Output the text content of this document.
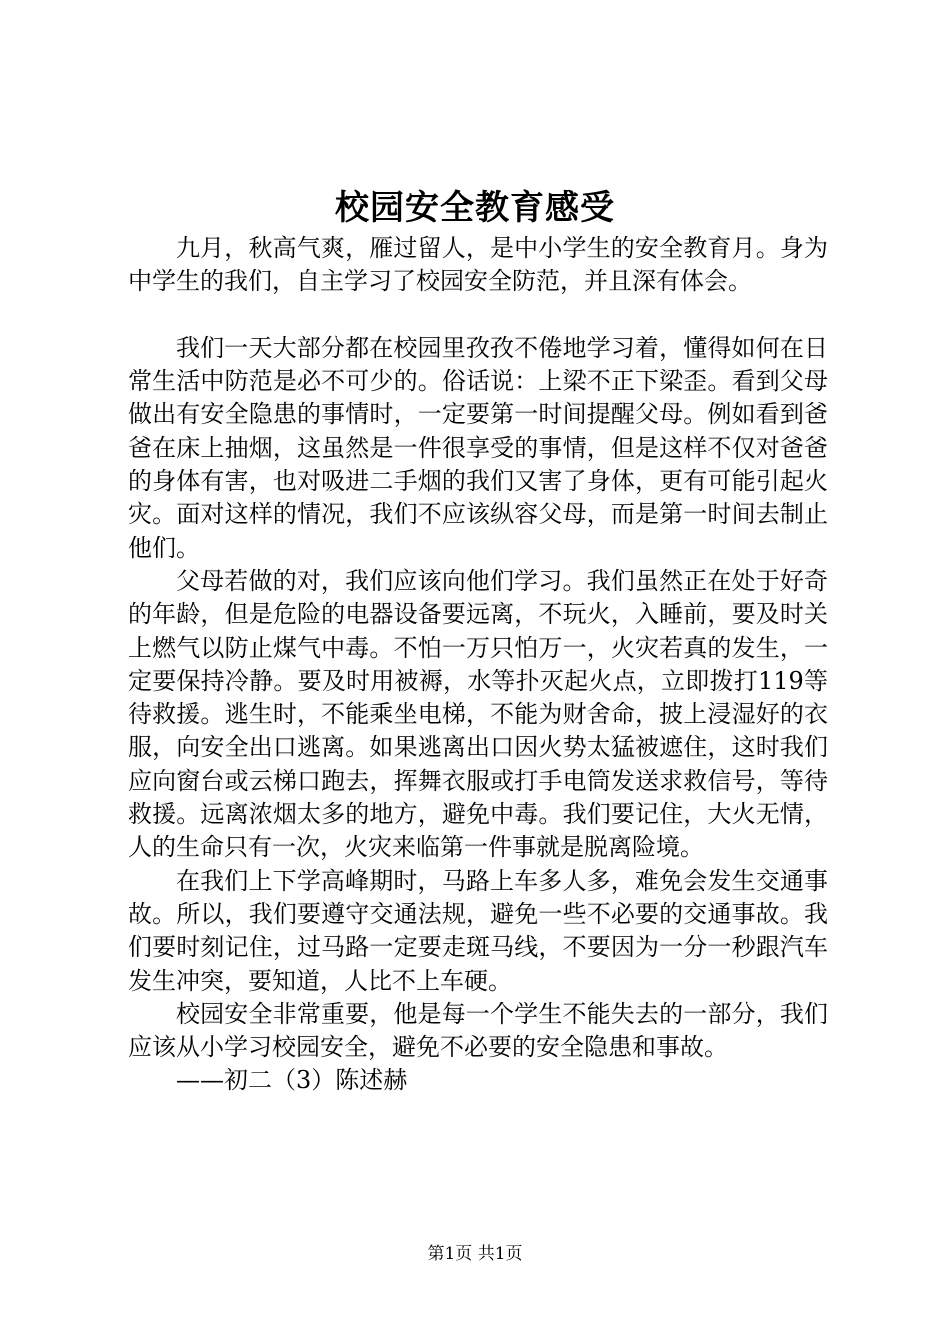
校园安全教育感受

九月，秋高气爽，雁过留人，是中小学生的安全教育月。身为中学生的我们，自主学习了校园安全防范，并且深有体会。

我们一天大部分都在校园里孜孜不倦地学习着，懂得如何在日常生活中防范是必不可少的。俗话说：上梁不正下梁歪。看到父母做出有安全隐患的事情时，一定要第一时间提醒父母。例如看到爸爸在床上抽烟，这虽然是一件很享受的事情，但是这样不仅对爸爸的身体有害，也对吸进二手烟的我们又害了身体，更有可能引起火灾。面对这样的情况，我们不应该纵容父母，而是第一时间去制止他们。

父母若做的对，我们应该向他们学习。我们虽然正在处于好奇的年龄，但是危险的电器设备要远离，不玩火，入睡前，要及时关上燃气以防止煤气中毒。不怕一万只怕万一，火灾若真的发生，一定要保持冷静。要及时用被褥，水等扑灭起火点，立即拨打119等待救援。逃生时，不能乘坐电梯，不能为财舍命，披上浸湿好的衣服，向安全出口逃离。如果逃离出口因火势太猛被遮住，这时我们应向窗台或云梯口跑去，挥舞衣服或打手电筒发送求救信号，等待救援。远离浓烟太多的地方，避免中毒。我们要记住，大火无情，人的生命只有一次，火灾来临第一件事就是脱离险境。

在我们上下学高峰期时，马路上车多人多，难免会发生交通事故。所以，我们要遵守交通法规，避免一些不必要的交通事故。我们要时刻记住，过马路一定要走斑马线，不要因为一分一秒跟汽车发生冲突，要知道，人比不上车硬。

校园安全非常重要，他是每一个学生不能失去的一部分，我们应该从小学习校园安全，避免不必要的安全隐患和事故。

——初二（3）陈述赫

第1页 共1页
